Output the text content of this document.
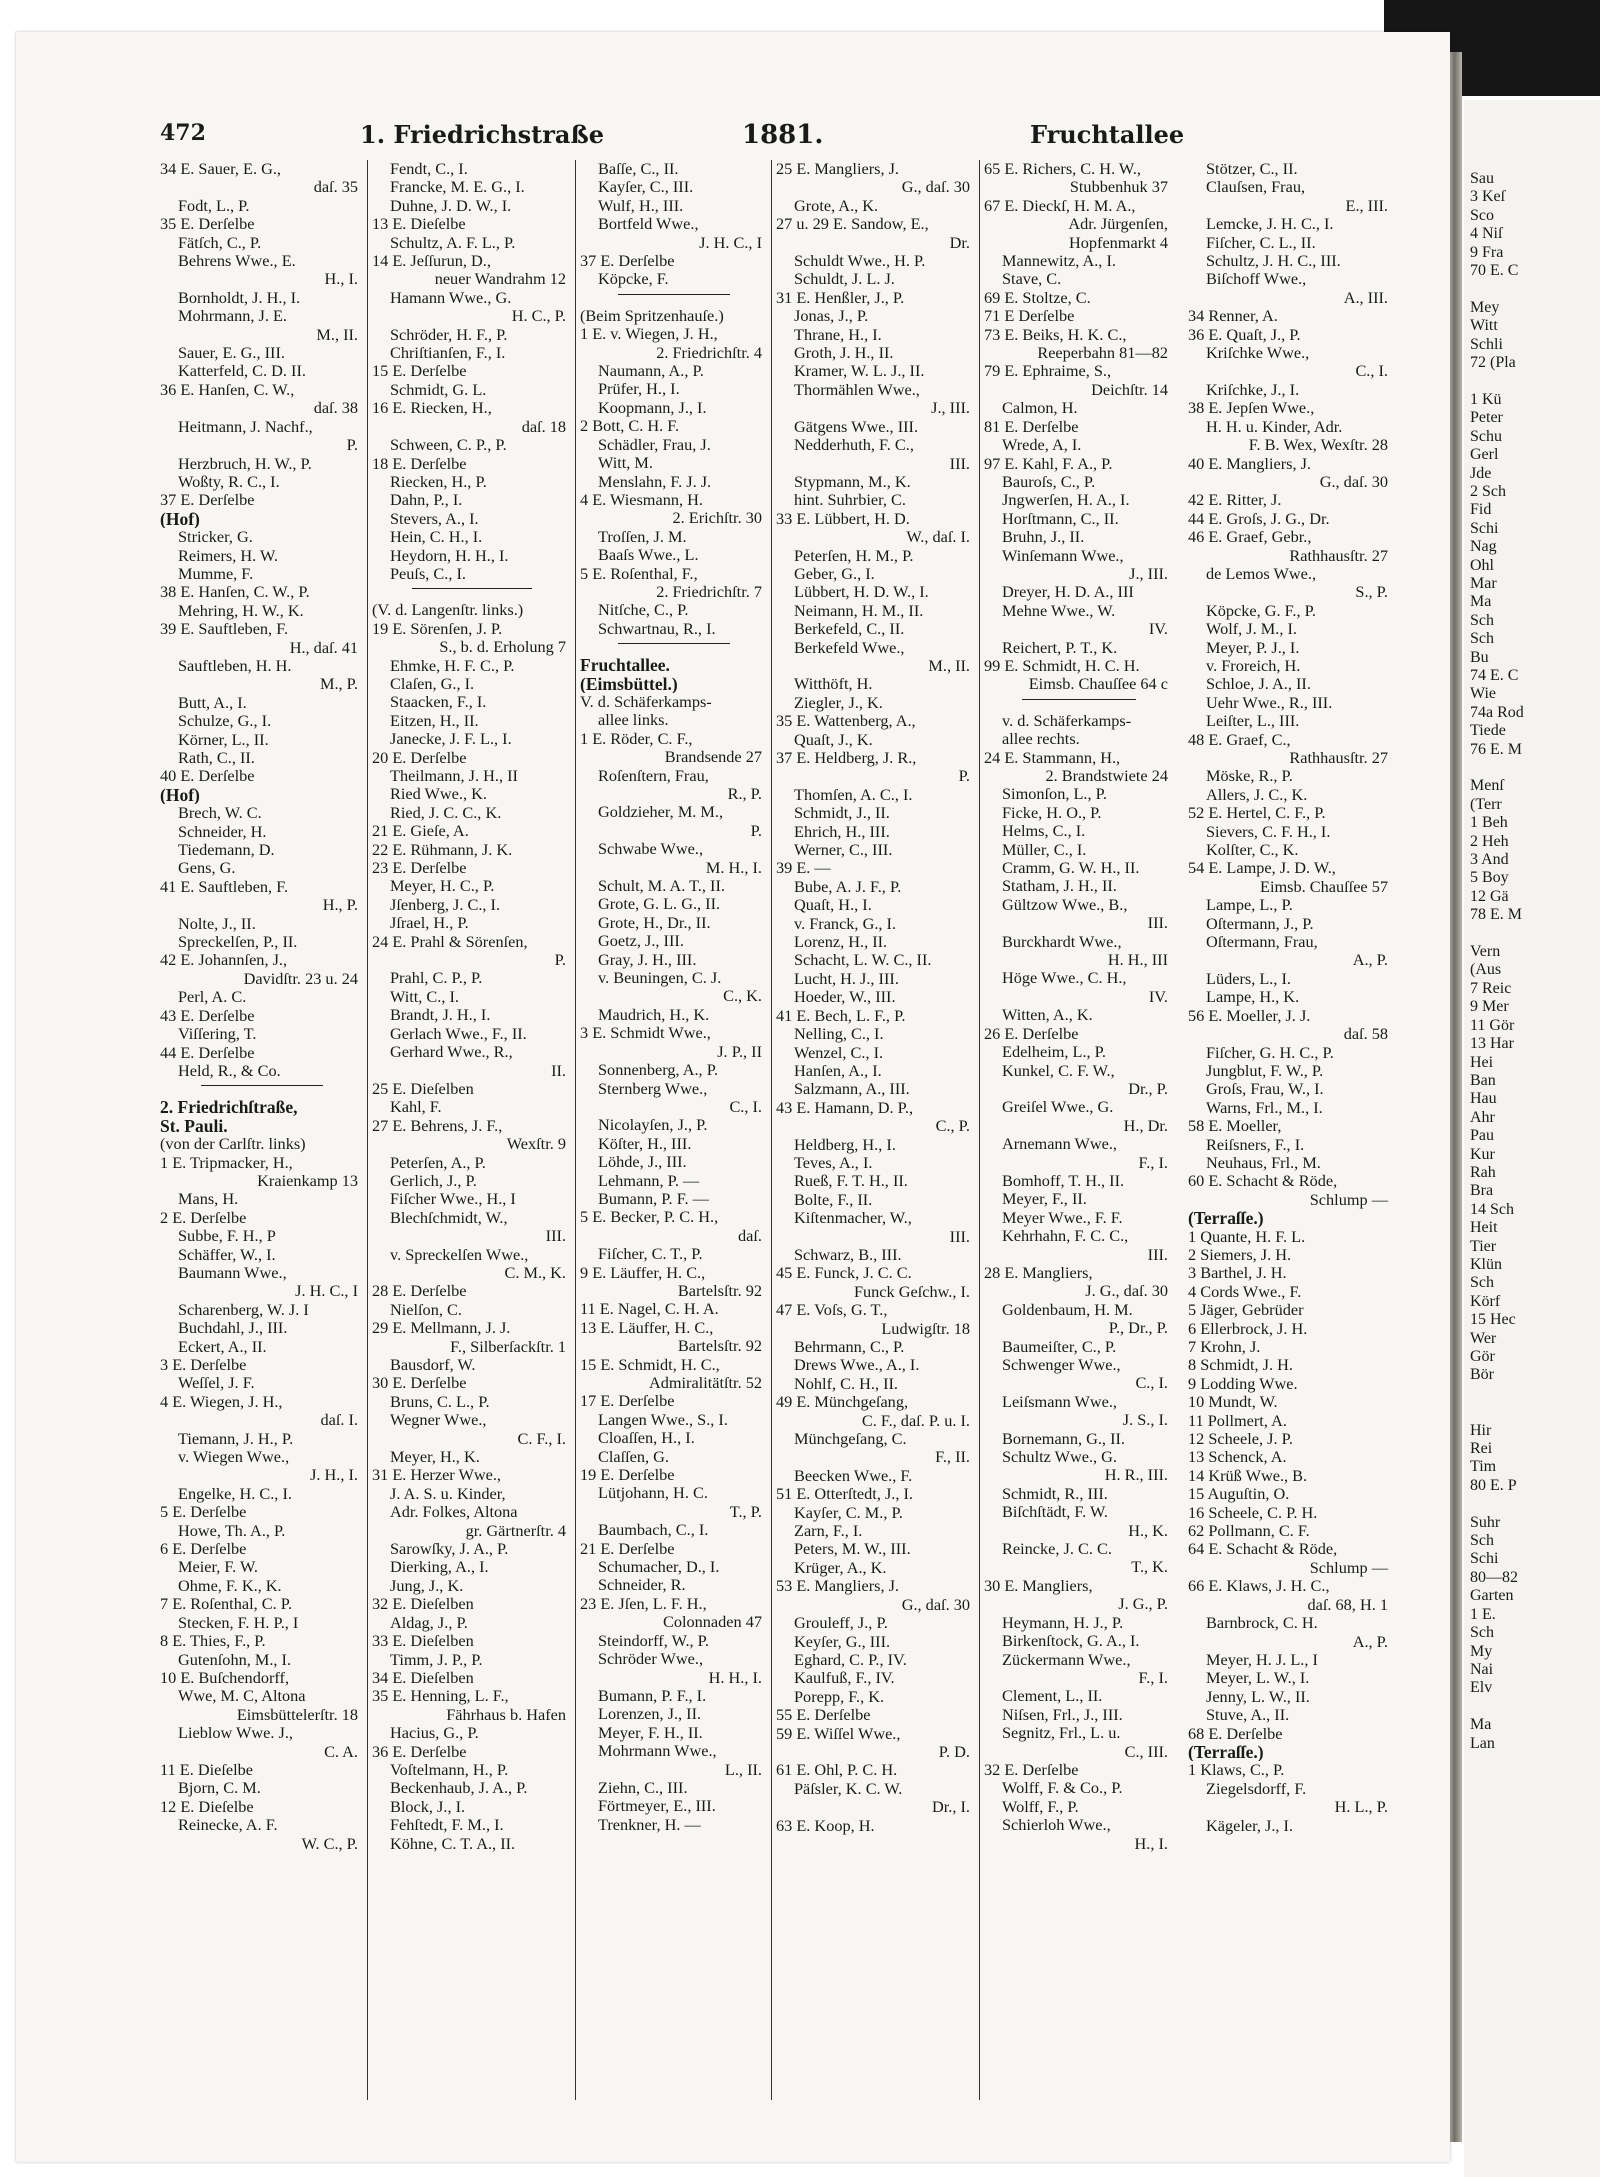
Sau
3 Keſ
Sco
4 Niſ
9 Fra
70 E. C

Mey
Witt
Schli
72 (Pla

1 Kü
Peter
Schu
Gerl
Jde
2 Sch
Fid
Schi
Nag
Ohl
Mar
Ma
Sch
Sch
Bu
74 E. C
Wie
74a Rod
Tiede
76 E. M

Menſ
(Terr
1 Beh
2 Heh
3 And
5 Boy
12 Gä
78 E. M

Vern
(Aus
7 Reic
9 Mer
11 Gör
13 Har
Hei
Ban
Hau
Ahr
Pau
Kur
Rah
Bra
14 Sch
Heit
Tier
Klün
Sch
Körf
15 Hec
Wer
Gör
Bör

Hir
Rei
Tim
80 E. P

Suhr
Sch
Schi
80—82
Garten
1 E.
Sch
My
Nai
Elv

Ma
Lan
472	1. Friedrichstraße	1881.	Fruchtallee
34 E. Sauer, E. G.,
daſ. 35
Fodt, L., P.
35 E. Derſelbe
Fätſch, C., P.
Behrens Wwe., E.
H., I.
Bornholdt, J. H., I.
Mohrmann, J. E.
M., II.
Sauer, E. G., III.
Katterfeld, C. D. II.
36 E. Hanſen, C. W.,
daſ. 38
Heitmann, J. Nachf.,
P.
Herzbruch, H. W., P.
Woßty, R. C., I.
37 E. Derſelbe
(Hof)
Stricker, G.
Reimers, H. W.
Mumme, F.
38 E. Hanſen, C. W., P.
Mehring, H. W., K.
39 E. Sauftleben, F.
H., daſ. 41
Sauftleben, H. H.
M., P.
Butt, A., I.
Schulze, G., I.
Körner, L., II.
Rath, C., II.
40 E. Derſelbe
(Hof)
Brech, W. C.
Schneider, H.
Tiedemann, D.
Gens, G.
41 E. Sauftleben, F.
H., P.
Nolte, J., II.
Spreckelſen, P., II.
42 E. Johannſen, J.,
Davidſtr. 23 u. 24
Perl, A. C.
43 E. Derſelbe
Viſſering, T.
44 E. Derſelbe
Held, R., & Co.
2. Friedrichſtraße,
St. Pauli.
(von der Carlſtr. links)
1 E. Tripmacker, H.,
Kraienkamp 13
Mans, H.
2 E. Derſelbe
Subbe, F. H., P
Schäffer, W., I.
Baumann Wwe.,
J. H. C., I
Scharenberg, W. J. I
Buchdahl, J., III.
Eckert, A., II.
3 E. Derſelbe
Weſſel, J. F.
4 E. Wiegen, J. H.,
daſ. I.
Tiemann, J. H., P.
v. Wiegen Wwe.,
J. H., I.
Engelke, H. C., I.
5 E. Derſelbe
Howe, Th. A., P.
6 E. Derſelbe
Meier, F. W.
Ohme, F. K., K.
7 E. Roſenthal, C. P.
Stecken, F. H. P., I
8 E. Thies, F., P.
Gutenſohn, M., I.
10 E. Buſchendorff,
Wwe, M. C, Altona
Eimsbüttelerſtr. 18
Lieblow Wwe. J.,
C. A.
11 E. Dieſelbe
Bjorn, C. M.
12 E. Dieſelbe
Reinecke, A. F.
W. C., P.
Fendt, C., I.
Francke, M. E. G., I.
Duhne, J. D. W., I.
13 E. Dieſelbe
Schultz, A. F. L., P.
14 E. Jeſſurun, D.,
neuer Wandrahm 12
Hamann Wwe., G.
H. C., P.
Schröder, H. F., P.
Chriſtianſen, F., I.
15 E. Derſelbe
Schmidt, G. L.
16 E. Riecken, H.,
daſ. 18
Schween, C. P., P.
18 E. Derſelbe
Riecken, H., P.
Dahn, P., I.
Stevers, A., I.
Hein, C. H., I.
Heydorn, H. H., I.
Peuſs, C., I.
(V. d. Langenſtr. links.)
19 E. Sörenſen, J. P.
S., b. d. Erholung 7
Ehmke, H. F. C., P.
Claſen, G., I.
Staacken, F., I.
Eitzen, H., II.
Janecke, J. F. L., I.
20 E. Derſelbe
Theilmann, J. H., II
Ried Wwe., K.
Ried, J. C. C., K.
21 E. Gieſe, A.
22 E. Rühmann, J. K.
23 E. Derſelbe
Meyer, H. C., P.
Jſenberg, J. C., I.
Jſrael, H., P.
24 E. Prahl & Sörenſen,
P.
Prahl, C. P., P.
Witt, C., I.
Brandt, J. H., I.
Gerlach Wwe., F., II.
Gerhard Wwe., R.,
II.
25 E. Dieſelben
Kahl, F.
27 E. Behrens, J. F.,
Wexſtr. 9
Peterſen, A., P.
Gerlich, J., P.
Fiſcher Wwe., H., I
Blechſchmidt, W.,
III.
v. Spreckelſen Wwe.,
C. M., K.
28 E. Derſelbe
Nielſon, C.
29 E. Mellmann, J. J.
F., Silberſackſtr. 1
Bausdorf, W.
30 E. Derſelbe
Bruns, C. L., P.
Wegner Wwe.,
C. F., I.
Meyer, H., K.
31 E. Herzer Wwe.,
J. A. S. u. Kinder,
Adr. Folkes, Altona
gr. Gärtnerſtr. 4
Sarowſky, J. A., P.
Dierking, A., I.
Jung, J., K.
32 E. Dieſelben
Aldag, J., P.
33 E. Dieſelben
Timm, J. P., P.
34 E. Dieſelben
35 E. Henning, L. F.,
Fährhaus b. Hafen
Hacius, G., P.
36 E. Derſelbe
Voſtelmann, H., P.
Beckenhaub, J. A., P.
Block, J., I.
Fehſtedt, F. M., I.
Köhne, C. T. A., II.
Baſſe, C., II.
Kayſer, C., III.
Wulf, H., III.
Bortfeld Wwe.,
J. H. C., I
37 E. Derſelbe
Köpcke, F.
(Beim Spritzenhauſe.)
1 E. v. Wiegen, J. H.,
2. Friedrichſtr. 4
Naumann, A., P.
Prüfer, H., I.
Koopmann, J., I.
2 Bott, C. H. F.
Schädler, Frau, J.
Witt, M.
Menslahn, F. J. J.
4 E. Wiesmann, H.
2. Erichſtr. 30
Troſſen, J. M.
Baaſs Wwe., L.
5 E. Roſenthal, F.,
2. Friedrichſtr. 7
Nitſche, C., P.
Schwartnau, R., I.
Fruchtallee.
(Eimsbüttel.)
V. d. Schäferkamps-
allee links.
1 E. Röder, C. F.,
Brandsende 27
Roſenſtern, Frau,
R., P.
Goldzieher, M. M.,
P.
Schwabe Wwe.,
M. H., I.
Schult, M. A. T., II.
Grote, G. L. G., II.
Grote, H., Dr., II.
Goetz, J., III.
Gray, J. H., III.
v. Beuningen, C. J.
C., K.
Maudrich, H., K.
3 E. Schmidt Wwe.,
J. P., II
Sonnenberg, A., P.
Sternberg Wwe.,
C., I.
Nicolayſen, J., P.
Köſter, H., III.
Löhde, J., III.
Lehmann, P. —
Bumann, P. F. —
5 E. Becker, P. C. H.,
daſ.
Fiſcher, C. T., P.
9 E. Läuffer, H. C.,
Bartelsſtr. 92
11 E. Nagel, C. H. A.
13 E. Läuffer, H. C.,
Bartelsſtr. 92
15 E. Schmidt, H. C.,
Admiralitätſtr. 52
17 E. Derſelbe
Langen Wwe., S., I.
Cloaſſen, H., I.
Claſſen, G.
19 E. Derſelbe
Lütjohann, H. C.
T., P.
Baumbach, C., I.
21 E. Derſelbe
Schumacher, D., I.
Schneider, R.
23 E. Jſen, L. F. H.,
Colonnaden 47
Steindorff, W., P.
Schröder Wwe.,
H. H., I.
Bumann, P. F., I.
Lorenzen, J., II.
Meyer, F. H., II.
Mohrmann Wwe.,
L., II.
Ziehn, C., III.
Förtmeyer, E., III.
Trenkner, H. —
25 E. Mangliers, J.
G., daſ. 30
Grote, A., K.
27 u. 29 E. Sandow, E.,
Dr.
Schuldt Wwe., H. P.
Schuldt, J. L. J.
31 E. Henßler, J., P.
Jonas, J., P.
Thrane, H., I.
Groth, J. H., II.
Kramer, W. L. J., II.
Thormählen Wwe.,
J., III.
Gätgens Wwe., III.
Nedderhuth, F. C.,
III.
Stypmann, M., K.
hint. Suhrbier, C.
33 E. Lübbert, H. D.
W., daſ. I.
Peterſen, H. M., P.
Geber, G., I.
Lübbert, H. D. W., I.
Neimann, H. M., II.
Berkefeld, C., II.
Berkefeld Wwe.,
M., II.
Witthöft, H.
Ziegler, J., K.
35 E. Wattenberg, A.,
Quaſt, J., K.
37 E. Heldberg, J. R.,
P.
Thomſen, A. C., I.
Schmidt, J., II.
Ehrich, H., III.
Werner, C., III.
39 E. —
Bube, A. J. F., P.
Quaſt, H., I.
v. Franck, G., I.
Lorenz, H., II.
Schacht, L. W. C., II.
Lucht, H. J., III.
Hoeder, W., III.
41 E. Bech, L. F., P.
Nelling, C., I.
Wenzel, C., I.
Hanſen, A., I.
Salzmann, A., III.
43 E. Hamann, D. P.,
C., P.
Heldberg, H., I.
Teves, A., I.
Rueß, F. T. H., II.
Bolte, F., II.
Kiſtenmacher, W.,
III.
Schwarz, B., III.
45 E. Funck, J. C. C.
Funck Geſchw., I.
47 E. Voſs, G. T.,
Ludwigſtr. 18
Behrmann, C., P.
Drews Wwe., A., I.
Nohlf, C. H., II.
49 E. Münchgeſang,
C. F., daſ. P. u. I.
Münchgeſang, C.
F., II.
Beecken Wwe., F.
51 E. Otterſtedt, J., I.
Kayſer, C. M., P.
Zarn, F., I.
Peters, M. W., III.
Krüger, A., K.
53 E. Mangliers, J.
G., daſ. 30
Grouleff, J., P.
Keyſer, G., III.
Eghard, C. P., IV.
Kaulfuß, F., IV.
Porepp, F., K.
55 E. Derſelbe
59 E. Wiſſel Wwe.,
P. D.
61 E. Ohl, P. C. H.
Päſsler, K. C. W.
Dr., I.
63 E. Koop, H.
65 E. Richers, C. H. W.,
Stubbenhuk 37
67 E. Dieckſ, H. M. A.,
Adr. Jürgenſen,
Hopfenmarkt 4
Mannewitz, A., I.
Stave, C.
69 E. Stoltze, C.
71 E Derſelbe
73 E. Beiks, H. K. C.,
Reeperbahn 81—82
79 E. Ephraime, S.,
Deichſtr. 14
Calmon, H.
81 E. Derſelbe
Wrede, A, I.
97 E. Kahl, F. A., P.
Bauroſs, C., P.
Jngwerſen, H. A., I.
Horſtmann, C., II.
Bruhn, J., II.
Winſemann Wwe.,
J., III.
Dreyer, H. D. A., III
Mehne Wwe., W.
IV.
Reichert, P. T., K.
99 E. Schmidt, H. C. H.
Eimsb. Chauſſee 64 c
v. d. Schäferkamps-
allee rechts.
24 E. Stammann, H.,
2. Brandstwiete 24
Simonſon, L., P.
Ficke, H. O., P.
Helms, C., I.
Müller, C., I.
Cramm, G. W. H., II.
Statham, J. H., II.
Gültzow Wwe., B.,
III.
Burckhardt Wwe.,
H. H., III
Höge Wwe., C. H.,
IV.
Witten, A., K.
26 E. Derſelbe
Edelheim, L., P.
Kunkel, C. F. W.,
Dr., P.
Greiſel Wwe., G.
H., Dr.
Arnemann Wwe.,
F., I.
Bomhoff, T. H., II.
Meyer, F., II.
Meyer Wwe., F. F.
Kehrhahn, F. C. C.,
III.
28 E. Mangliers,
J. G., daſ. 30
Goldenbaum, H. M.
P., Dr., P.
Baumeiſter, C., P.
Schwenger Wwe.,
C., I.
Leiſsmann Wwe.,
J. S., I.
Bornemann, G., II.
Schultz Wwe., G.
H. R., III.
Schmidt, R., III.
Biſchſtädt, F. W.
H., K.
Reincke, J. C. C.
T., K.
30 E. Mangliers,
J. G., P.
Heymann, H. J., P.
Birkenſtock, G. A., I.
Zückermann Wwe.,
F., I.
Clement, L., II.
Niſsen, Frl., J., III.
Segnitz, Frl., L. u.
C., III.
32 E. Derſelbe
Wolff, F. & Co., P.
Wolff, F., P.
Schierloh Wwe.,
H., I.
Stötzer, C., II.
Clauſsen, Frau,
E., III.
Lemcke, J. H. C., I.
Fiſcher, C. L., II.
Schultz, J. H. C., III.
Biſchoff Wwe.,
A., III.
34 Renner, A.
36 E. Quaſt, J., P.
Kriſchke Wwe.,
C., I.
Kriſchke, J., I.
38 E. Jepſen Wwe.,
H. H. u. Kinder, Adr.
F. B. Wex, Wexſtr. 28
40 E. Mangliers, J.
G., daſ. 30
42 E. Ritter, J.
44 E. Groſs, J. G., Dr.
46 E. Graef, Gebr.,
Rathhausſtr. 27
de Lemos Wwe.,
S., P.
Köpcke, G. F., P.
Wolf, J. M., I.
Meyer, P. J., I.
v. Froreich, H.
Schloe, J. A., II.
Uehr Wwe., R., III.
Leiſter, L., III.
48 E. Graef, C.,
Rathhausſtr. 27
Möske, R., P.
Allers, J. C., K.
52 E. Hertel, C. F., P.
Sievers, C. F. H., I.
Kolſter, C., K.
54 E. Lampe, J. D. W.,
Eimsb. Chauſſee 57
Lampe, L., P.
Oſtermann, J., P.
Oſtermann, Frau,
A., P.
Lüders, L., I.
Lampe, H., K.
56 E. Moeller, J. J.
daſ. 58
Fiſcher, G. H. C., P.
Jungblut, F. W., P.
Groſs, Frau, W., I.
Warns, Frl., M., I.
58 E. Moeller,
Reiſsners, F., I.
Neuhaus, Frl., M.
60 E. Schacht & Röde,
Schlump —
(Terraſſe.)
1 Quante, H. F. L.
2 Siemers, J. H.
3 Barthel, J. H.
4 Cords Wwe., F.
5 Jäger, Gebrüder
6 Ellerbrock, J. H.
7 Krohn, J.
8 Schmidt, J. H.
9 Lodding Wwe.
10 Mundt, W.
11 Pollmert, A.
12 Scheele, J. P.
13 Schenck, A.
14 Krüß Wwe., B.
15 Auguſtin, O.
16 Scheele, C. P. H.
62 Pollmann, C. F.
64 E. Schacht & Röde,
Schlump —
66 E. Klaws, J. H. C.,
daſ. 68, H. 1
Barnbrock, C. H.
A., P.
Meyer, H. J. L., I
Meyer, L. W., I.
Jenny, L. W., II.
Stuve, A., II.
68 E. Derſelbe
(Terraſſe.)
1 Klaws, C., P.
Ziegelsdorff, F.
H. L., P.
Kägeler, J., I.
